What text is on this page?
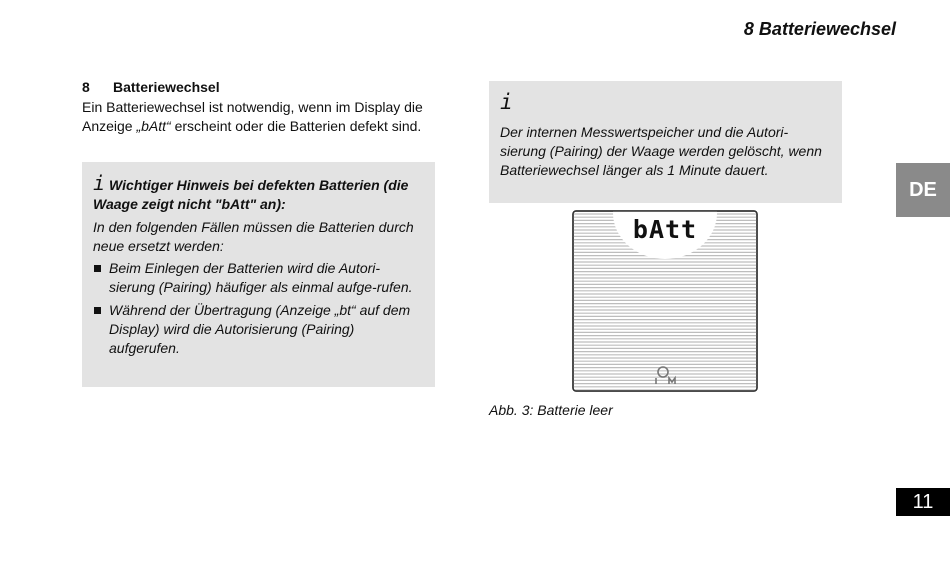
8 Batteriewechsel
8	Batteriewechsel

Ein Batteriewechsel ist notwendig, wenn im Display die Anzeige „bAtt“ erscheint oder die Batterien defekt sind.

i Wichtiger Hinweis bei defekten Batterien (die Waage zeigt nicht "bAtt" an):

In den folgenden Fällen müssen die Batterien durch neue ersetzt werden:

Beim Einlegen der Batterien wird die Autori-sierung (Pairing) häufiger als einmal aufge-rufen.
Während der Übertragung (Anzeige „bt“ auf dem Display) wird die Autorisierung (Pairing) aufgerufen.
i
Der internen Messwertspeicher und die Autori-sierung (Pairing) der Waage werden gelöscht, wenn Batteriewechsel länger als 1 Minute dauert.
bAtt
Abb. 3: Batterie leer
DE
11
